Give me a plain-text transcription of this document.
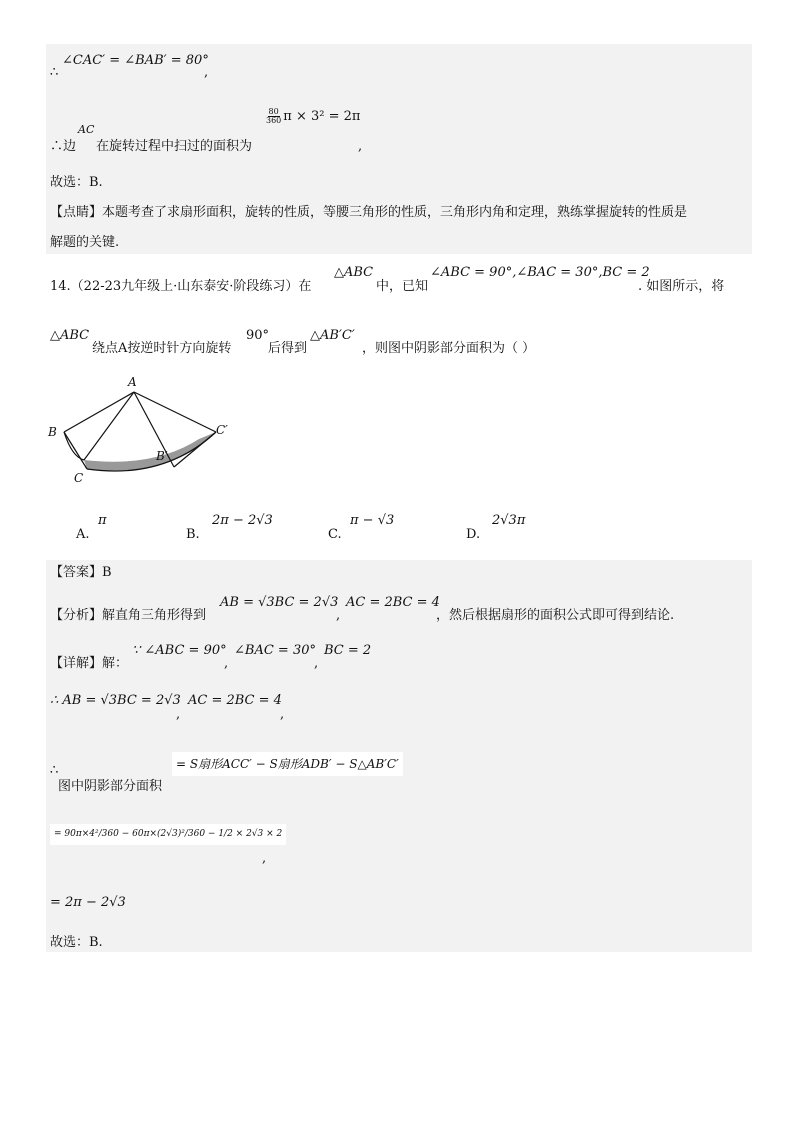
∴
∠CAC′ = ∠BAB′ = 80°
,
AC
∴边 在旋转过程中扫过的面积为
$\frac{80}{360}$ π × 3² = 2π
,
故选：B.
【点睛】本题考查了求扇形面积，旋转的性质，等腰三角形的性质，三角形内角和定理，熟练掌握旋转的性质是
解题的关键.
14.（22-23九年级上·山东泰安·阶段练习）在
△ABC
中，已知
∠ABC = 90°,∠BAC = 30°,BC = 2
. 如图所示，将
△ABC
绕点A按逆时针方向旋转
90°
后得到
△AB′C′
，则图中阴影部分面积为（ ）
A
B
C
B′
C′
A.
π
B.
2π − 2√3
C.
π − √3
D.
2√3π
【答案】B
【分析】解直角三角形得到
AB = √3BC = 2√3
,
AC = 2BC = 4
，然后根据扇形的面积公式即可得到结论.
【详解】解：
∵ ∠ABC = 90°
,
∠BAC = 30°
,
BC = 2
∴ AB = √3BC = 2√3
,
AC = 2BC = 4
,
∴
图中阴影部分面积
= S扇形ACC′ − S扇形ADB′ − S△AB′C′
= 90π×4²/360 − 60π×(2√3)²/360 − 1/2 × 2√3 × 2
,
= 2π − 2√3
故选：B.
